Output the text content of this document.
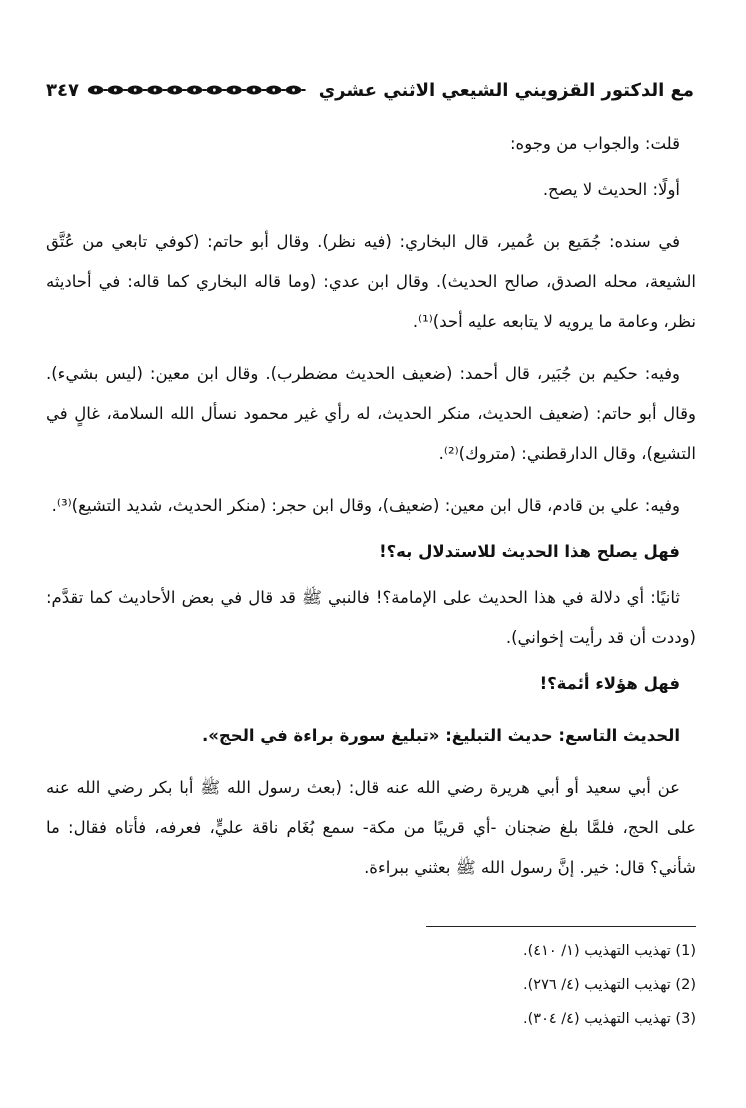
مع الدكتور القزويني الشيعي الاثني عشري
٣٤٧

قلت: والجواب من وجوه:

أولًا: الحديث لا يصح.

في سنده: جُمَيع بن عُمير، قال البخاري: (فيه نظر). وقال أبو حاتم: (كوفي تابعي من عُتَّق الشيعة، محله الصدق، صالح الحديث). وقال ابن عدي: (وما قاله البخاري كما قاله: في أحاديثه نظر، وعامة ما يرويه لا يتابعه عليه أحد)⁽¹⁾.

وفيه: حكيم بن جُبَير، قال أحمد: (ضعيف الحديث مضطرب). وقال ابن معين: (ليس بشيء). وقال أبو حاتم: (ضعيف الحديث، منكر الحديث، له رأي غير محمود نسأل الله السلامة، غالٍ في التشيع)، وقال الدارقطني: (متروك)⁽²⁾.

وفيه: علي بن قادم، قال ابن معين: (ضعيف)، وقال ابن حجر: (منكر الحديث، شديد التشيع)⁽³⁾.

فهل يصلح هذا الحديث للاستدلال به؟!

ثانيًا: أي دلالة في هذا الحديث على الإمامة؟! فالنبي ﷺ قد قال في بعض الأحاديث كما تقدَّم: (وددت أن قد رأيت إخواني).

فهل هؤلاء أئمة؟!

الحديث التاسع: حديث التبليغ: «تبليغ سورة براءة في الحج».

عن أبي سعيد أو أبي هريرة رضي الله عنه قال: (بعث رسول الله ﷺ أبا بكر رضي الله عنه على الحج، فلمَّا بلغ ضجنان -أي قريبًا من مكة- سمع بُغَام ناقة عليٍّ، فعرفه، فأتاه فقال: ما شأني؟ قال: خير. إنَّ رسول الله ﷺ بعثني ببراءة.

(1) تهذيب التهذيب (١/ ٤١٠).
(2) تهذيب التهذيب (٤/ ٢٧٦).
(3) تهذيب التهذيب (٤/ ٣٠٤).
